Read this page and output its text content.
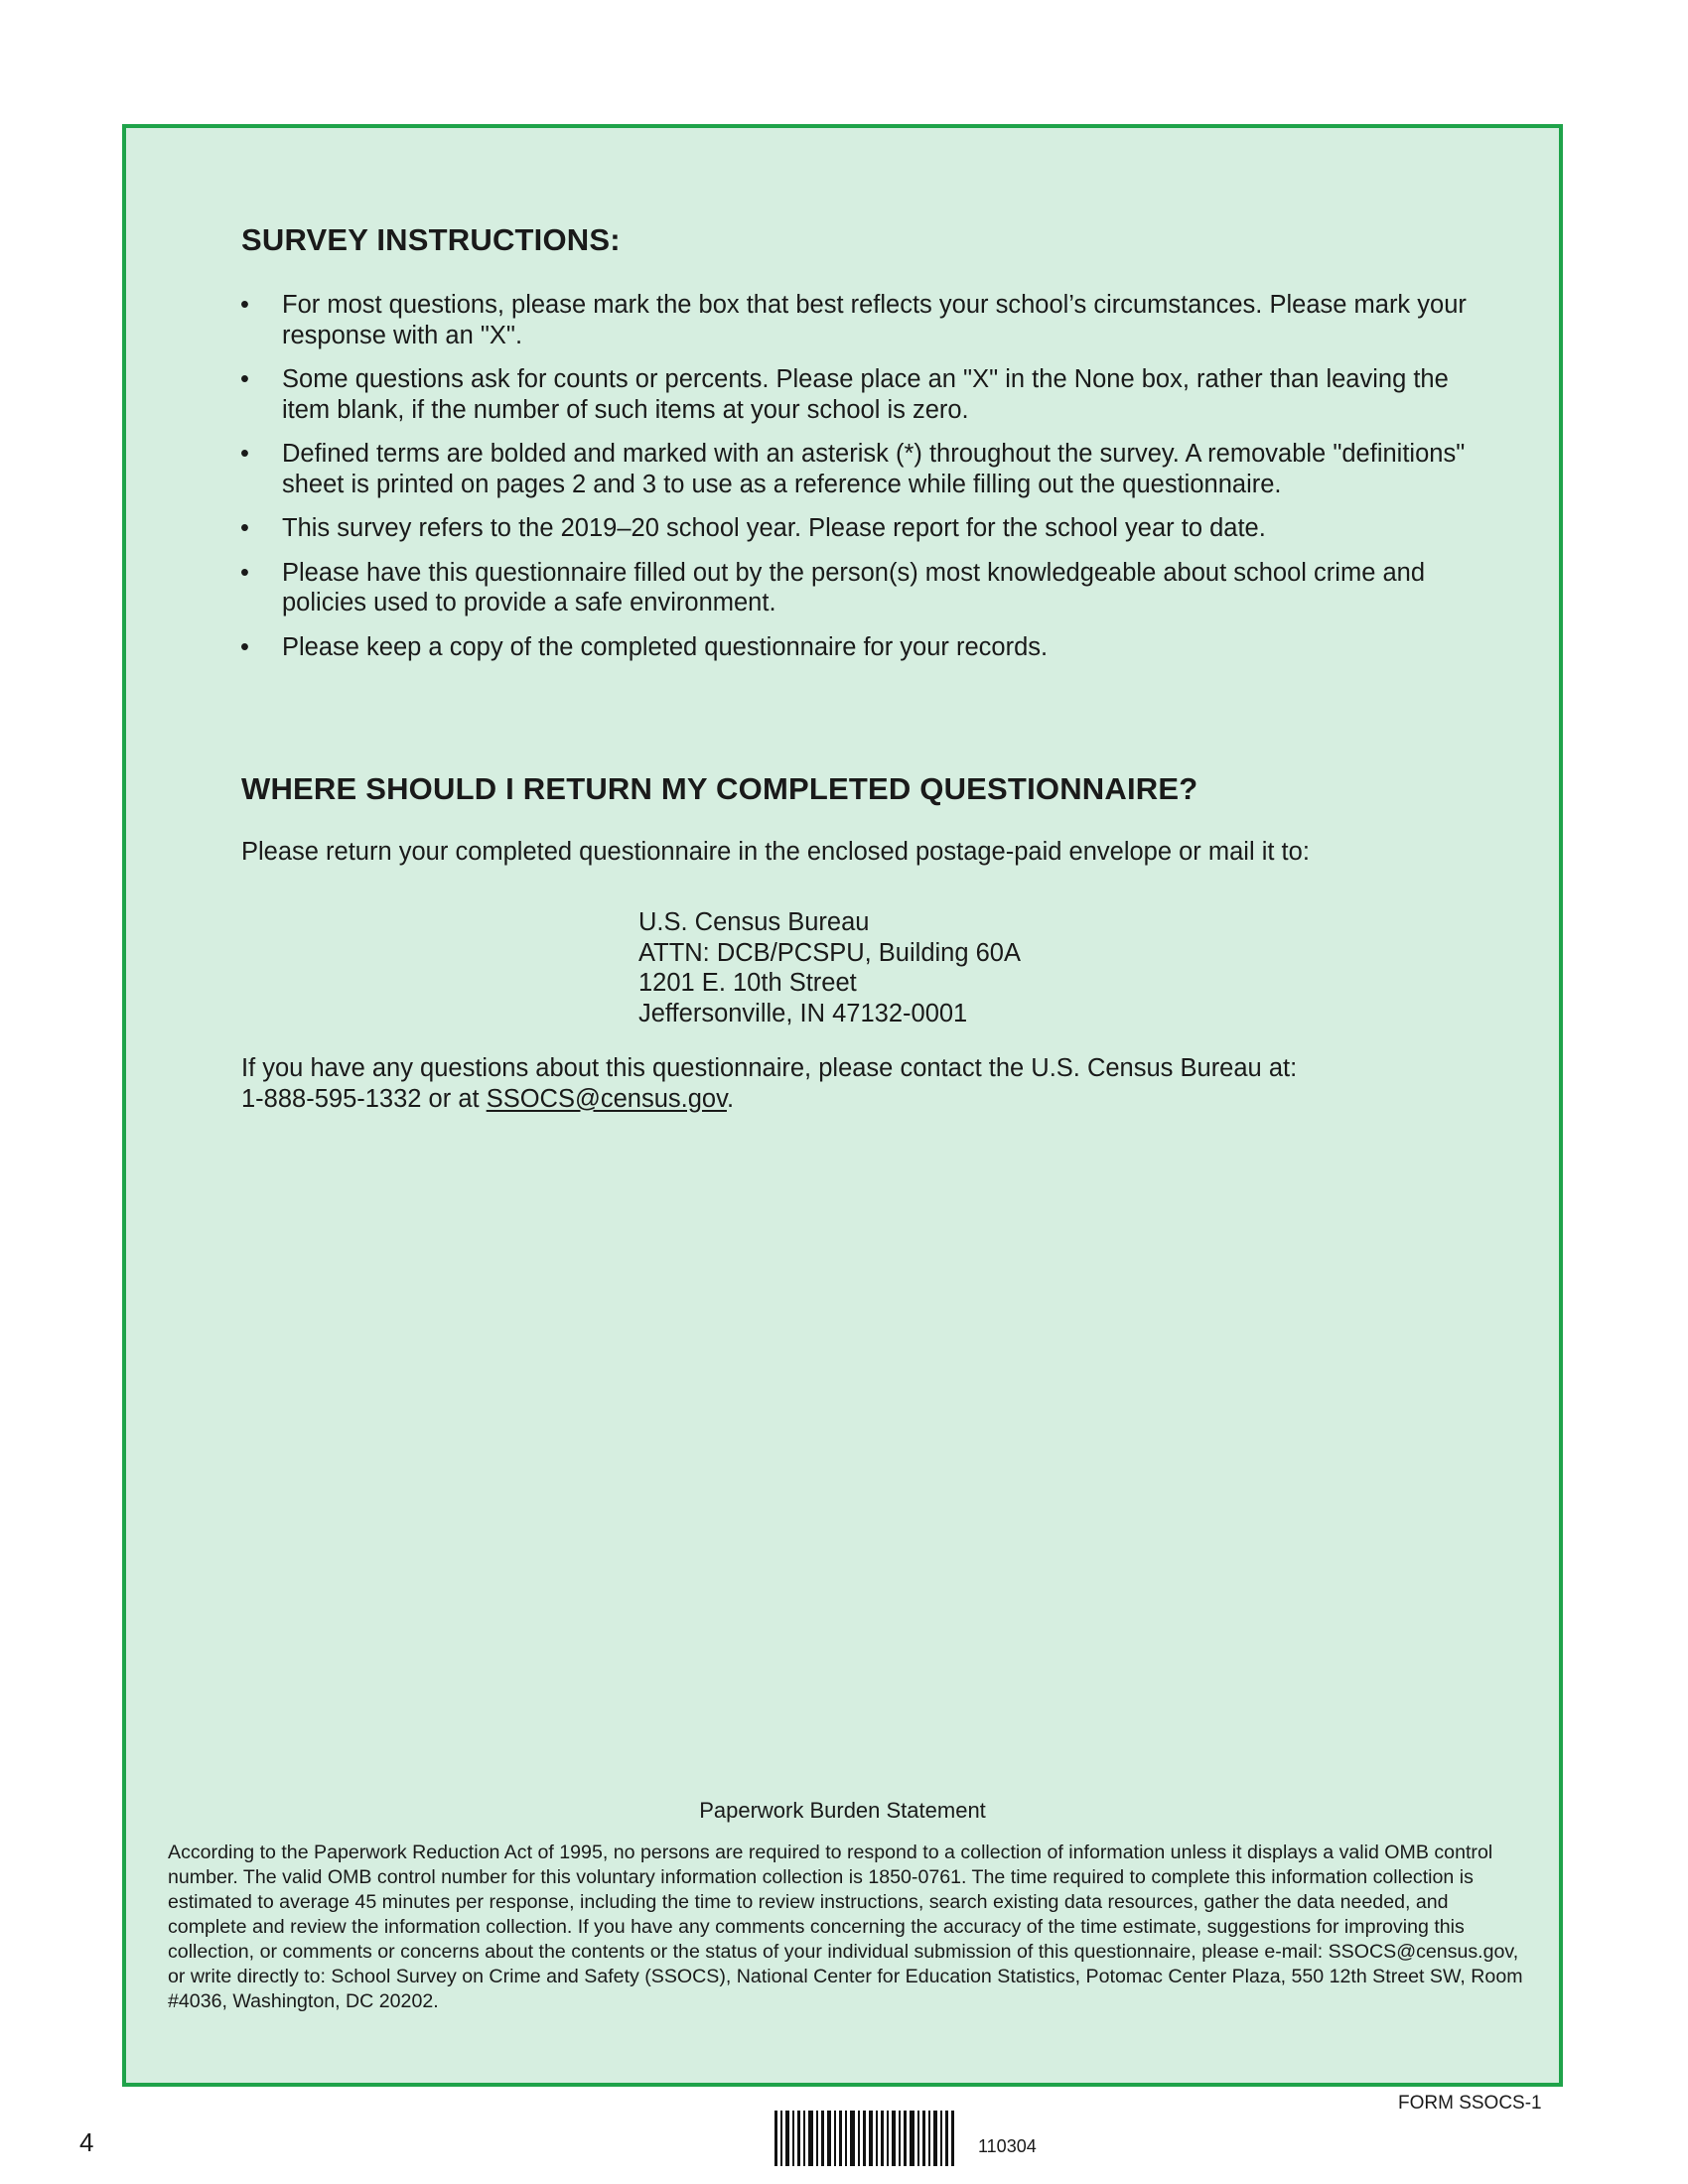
SURVEY INSTRUCTIONS:
• For most questions, please mark the box that best reflects your school’s circumstances. Please mark your response with an "X".
• Some questions ask for counts or percents. Please place an "X" in the None box, rather than leaving the item blank, if the number of such items at your school is zero.
• Defined terms are bolded and marked with an asterisk (*) throughout the survey. A removable "definitions" sheet is printed on pages 2 and 3 to use as a reference while filling out the questionnaire.
• This survey refers to the 2019–20 school year. Please report for the school year to date.
• Please have this questionnaire filled out by the person(s) most knowledgeable about school crime and policies used to provide a safe environment.
• Please keep a copy of the completed questionnaire for your records.
WHERE SHOULD I RETURN MY COMPLETED QUESTIONNAIRE?

Please return your completed questionnaire in the enclosed postage-paid envelope or mail it to:

U.S. Census Bureau
ATTN: DCB/PCSPU, Building 60A
1201 E. 10th Street
Jeffersonville, IN 47132-0001

If you have any questions about this questionnaire, please contact the U.S. Census Bureau at:
1-888-595-1332 or at SSOCS@census.gov.

Paperwork Burden Statement

According to the Paperwork Reduction Act of 1995, no persons are required to respond to a collection of information unless it displays a valid OMB control number. The valid OMB control number for this voluntary information collection is 1850-0761. The time required to complete this information collection is estimated to average 45 minutes per response, including the time to review instructions, search existing data resources, gather the data needed, and complete and review the information collection. If you have any comments concerning the accuracy of the time estimate, suggestions for improving this collection, or comments or concerns about the contents or the status of your individual submission of this questionnaire, please e-mail: SSOCS@census.gov, or write directly to: School Survey on Crime and Safety (SSOCS), National Center for Education Statistics, Potomac Center Plaza, 550 12th Street SW, Room #4036, Washington, DC 20202.

FORM SSOCS-1
4	110304
